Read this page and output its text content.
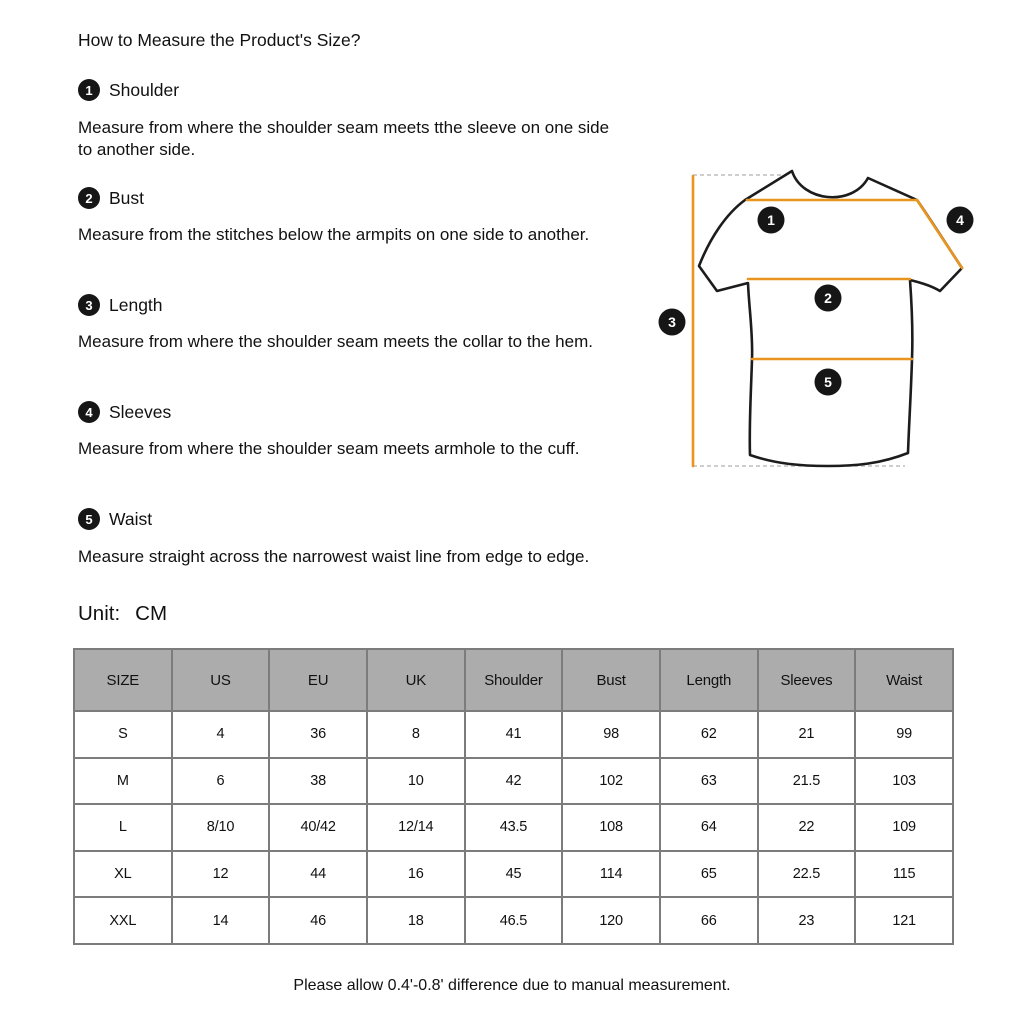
How to Measure the Product's Size?
1 Shoulder
Measure from where the shoulder seam meets tthe sleeve on one side to another side.
2 Bust
Measure from the stitches below the armpits on one side to another.
3 Length
Measure from where the shoulder seam meets the collar to the hem.
4 Sleeves
Measure from where the shoulder seam meets armhole to the cuff.
5 Waist
Measure straight across the narrowest waist line from edge to edge.
Unit: CM
1
2
3
4
5
SIZE	US	EU	UK	Shoulder	Bust	Length	Sleeves	Waist
S	4	36	8	41	98	62	21	99
M	6	38	10	42	102	63	21.5	103
L	8/10	40/42	12/14	43.5	108	64	22	109
XL	12	44	16	45	114	65	22.5	115
XXL	14	46	18	46.5	120	66	23	121
Please allow 0.4'-0.8' difference due to manual measurement.
